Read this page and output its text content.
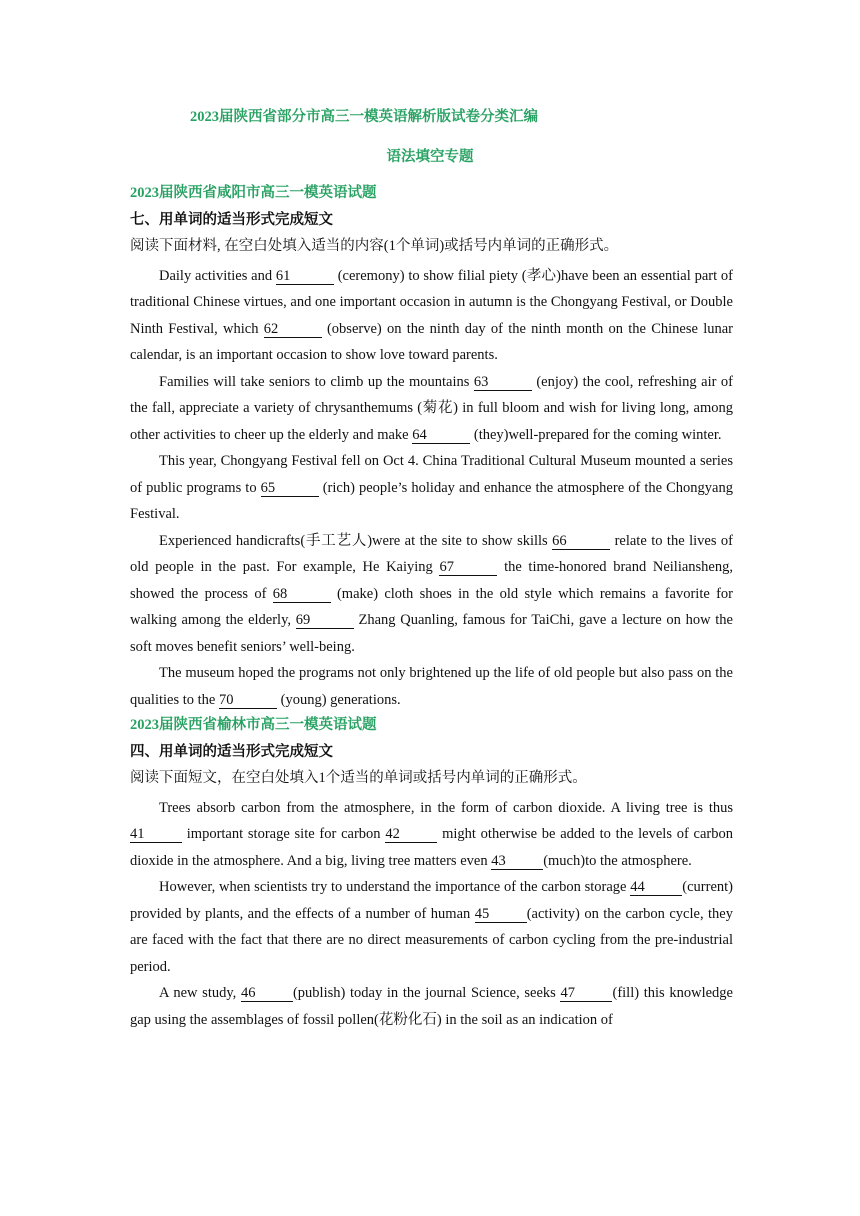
2023届陕西省部分市高三一模英语解析版试卷分类汇编
语法填空专题
2023届陕西省咸阳市高三一模英语试题
七、用单词的适当形式完成短文
阅读下面材料, 在空白处填入适当的内容(1个单词)或括号内单词的正确形式。

Daily activities and 61	(ceremony) to show filial piety (孝心)have been an essential part of traditional Chinese virtues, and one important occasion in autumn is the Chongyang Festival, or Double Ninth Festival, which 62	(observe) on the ninth day of the ninth month on the Chinese lunar calendar, is an important occasion to show love toward parents.

Families will take seniors to climb up the mountains 63	(enjoy) the cool, refreshing air of the fall, appreciate a variety of chrysanthemums (菊花) in full bloom and wish for living long, among other activities to cheer up the elderly and make 64	(they)well-prepared for the coming winter.

This year, Chongyang Festival fell on Oct 4. China Traditional Cultural Museum mounted a series of public programs to 65	(rich) people’s holiday and enhance the atmosphere of the Chongyang Festival.

Experienced handicrafts(手工艺人)were at the site to show skills 66	relate to the lives of old people in the past. For example, He Kaiying 67	the time-honored brand Neiliansheng, showed the process of 68	(make) cloth shoes in the old style which remains a favorite for walking among the elderly, 69	Zhang Quanling, famous for TaiChi, gave a lecture on how the soft moves benefit seniors’ well-being.

The museum hoped the programs not only brightened up the life of old people but also pass on the qualities to the 70	(young) generations.

2023届陕西省榆林市高三一模英语试题
四、用单词的适当形式完成短文
阅读下面短文，在空白处填入1个适当的单词或括号内单词的正确形式。

Trees absorb carbon from the atmosphere, in the form of carbon dioxide. A living tree is thus 41	important storage site for carbon 42	might otherwise be added to the levels of carbon dioxide in the atmosphere. And a big, living tree matters even 43	(much)to the atmosphere.

However, when scientists try to understand the importance of the carbon storage 44	(current) provided by plants, and the effects of a number of human 45	(activity) on the carbon cycle, they are faced with the fact that there are no direct measurements of carbon cycling from the pre-industrial period.

A new study, 46	(publish) today in the journal Science, seeks 47	(fill) this knowledge gap using the assemblages of fossil pollen(花粉化石) in the soil as an indication of
